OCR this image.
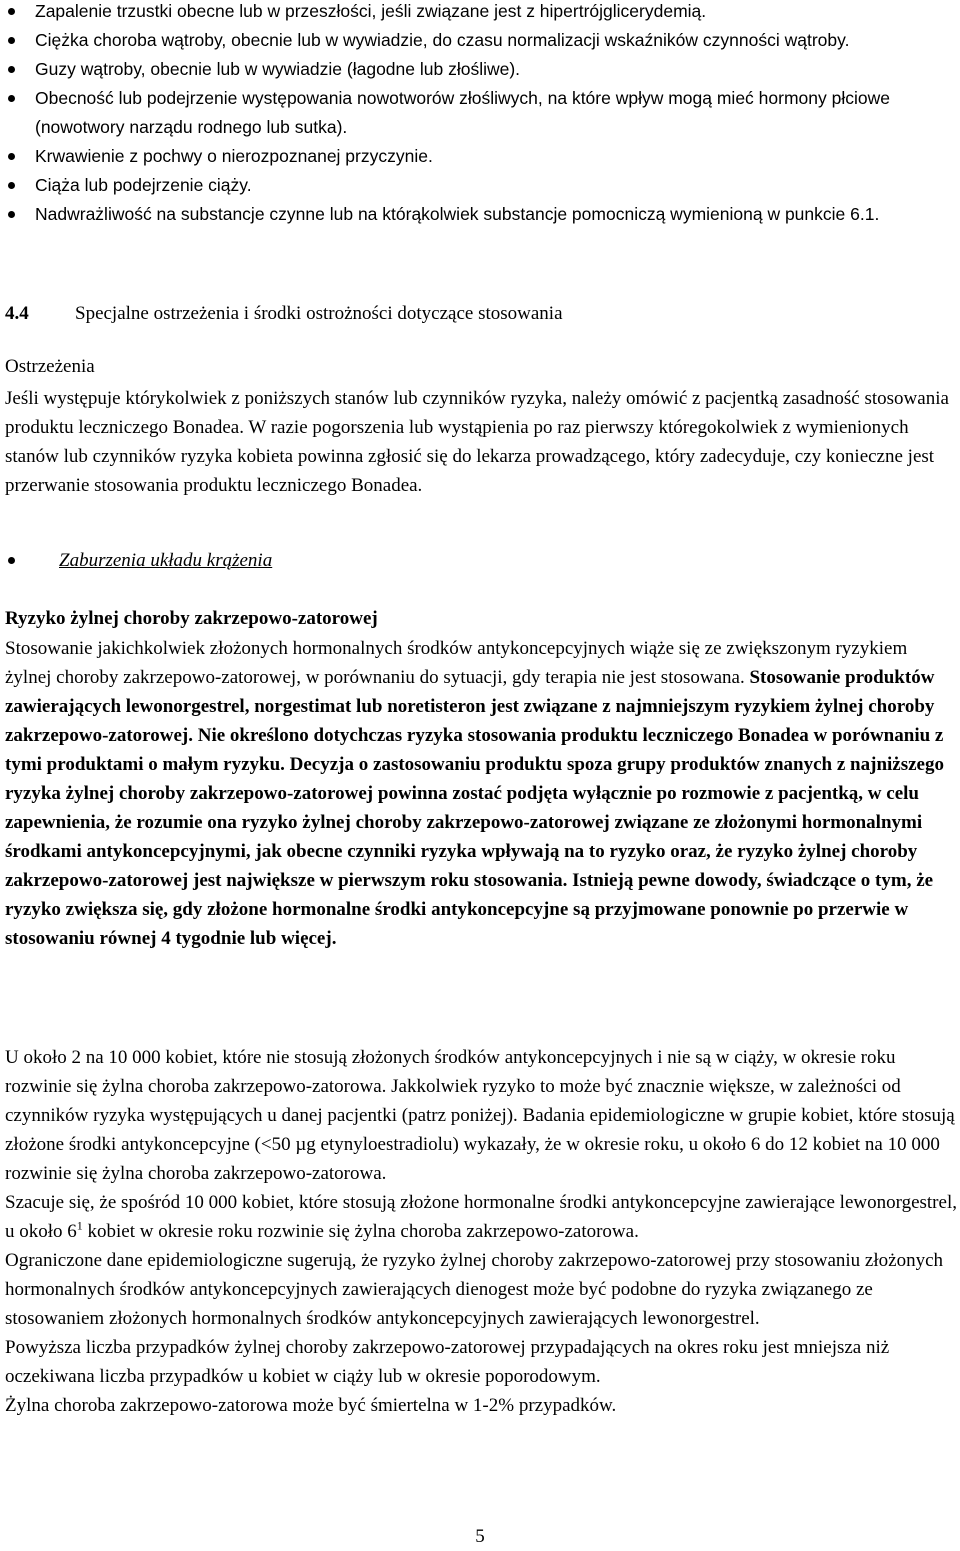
Zapalenie trzustki obecne lub w przeszłości, jeśli związane jest z hipertrójglicerydemią.
Ciężka choroba wątroby, obecnie lub w wywiadzie, do czasu normalizacji wskaźników czynności wątroby.
Guzy wątroby, obecnie lub w wywiadzie (łagodne lub złośliwe).
Obecność lub podejrzenie występowania nowotworów złośliwych, na które wpływ mogą mieć hormony płciowe (nowotwory narządu rodnego lub sutka).
Krwawienie z pochwy o nierozpoznanej przyczynie.
Ciąża lub podejrzenie ciąży.
Nadwrażliwość na substancje czynne lub na którąkolwiek substancje pomocniczą wymienioną w punkcie 6.1.
4.4 Specjalne ostrzeżenia i środki ostrożności dotyczące stosowania
Ostrzeżenia

Jeśli występuje którykolwiek z poniższych stanów lub czynników ryzyka, należy omówić z pacjentką zasadność stosowania produktu leczniczego Bonadea. W razie pogorszenia lub wystąpienia po raz pierwszy któregokolwiek z wymienionych stanów lub czynników ryzyka kobieta powinna zgłosić się do lekarza prowadzącego, który zadecyduje, czy konieczne jest przerwanie stosowania produktu leczniczego Bonadea.

Zaburzenia układu krążenia
Ryzyko żylnej choroby zakrzepowo-zatorowej

Stosowanie jakichkolwiek złożonych hormonalnych środków antykoncepcyjnych wiąże się ze zwiększonym ryzykiem żylnej choroby zakrzepowo-zatorowej, w porównaniu do sytuacji, gdy terapia nie jest stosowana. Stosowanie produktów zawierających lewonorgestrel, norgestimat lub noretisteron jest związane z najmniejszym ryzykiem żylnej choroby zakrzepowo-zatorowej. Nie określono dotychczas ryzyka stosowania produktu leczniczego Bonadea w porównaniu z tymi produktami o małym ryzyku. Decyzja o zastosowaniu produktu spoza grupy produktów znanych z najniższego ryzyka żylnej choroby zakrzepowo-zatorowej powinna zostać podjęta wyłącznie po rozmowie z pacjentką, w celu zapewnienia, że rozumie ona ryzyko żylnej choroby zakrzepowo-zatorowej związane ze złożonymi hormonalnymi środkami antykoncepcyjnymi, jak obecne czynniki ryzyka wpływają na to ryzyko oraz, że ryzyko żylnej choroby zakrzepowo-zatorowej jest największe w pierwszym roku stosowania. Istnieją pewne dowody, świadczące o tym, że ryzyko zwiększa się, gdy złożone hormonalne środki antykoncepcyjne są przyjmowane ponownie po przerwie w stosowaniu równej 4 tygodnie lub więcej.

U około 2 na 10 000 kobiet, które nie stosują złożonych środków antykoncepcyjnych i nie są w ciąży, w okresie roku rozwinie się żylna choroba zakrzepowo-zatorowa. Jakkolwiek ryzyko to może być znacznie większe, w zależności od czynników ryzyka występujących u danej pacjentki (patrz poniżej). Badania epidemiologiczne w grupie kobiet, które stosują złożone środki antykoncepcyjne (<50 µg etynyloestradiolu) wykazały, że w okresie roku, u około 6 do 12 kobiet na 10 000 rozwinie się żylna choroba zakrzepowo-zatorowa.

Szacuje się, że spośród 10 000 kobiet, które stosują złożone hormonalne środki antykoncepcyjne zawierające lewonorgestrel, u około $6^1$ kobiet w okresie roku rozwinie się żylna choroba zakrzepowo-zatorowa.

Ograniczone dane epidemiologiczne sugerują, że ryzyko żylnej choroby zakrzepowo-zatorowej przy stosowaniu złożonych hormonalnych środków antykoncepcyjnych zawierających dienogest może być podobne do ryzyka związanego ze stosowaniem złożonych hormonalnych środków antykoncepcyjnych zawierających lewonorgestrel.

Powyższa liczba przypadków żylnej choroby zakrzepowo-zatorowej przypadających na okres roku jest mniejsza niż oczekiwana liczba przypadków u kobiet w ciąży lub w okresie poporodowym.

Żylna choroba zakrzepowo-zatorowa może być śmiertelna w 1-2% przypadków.

5
